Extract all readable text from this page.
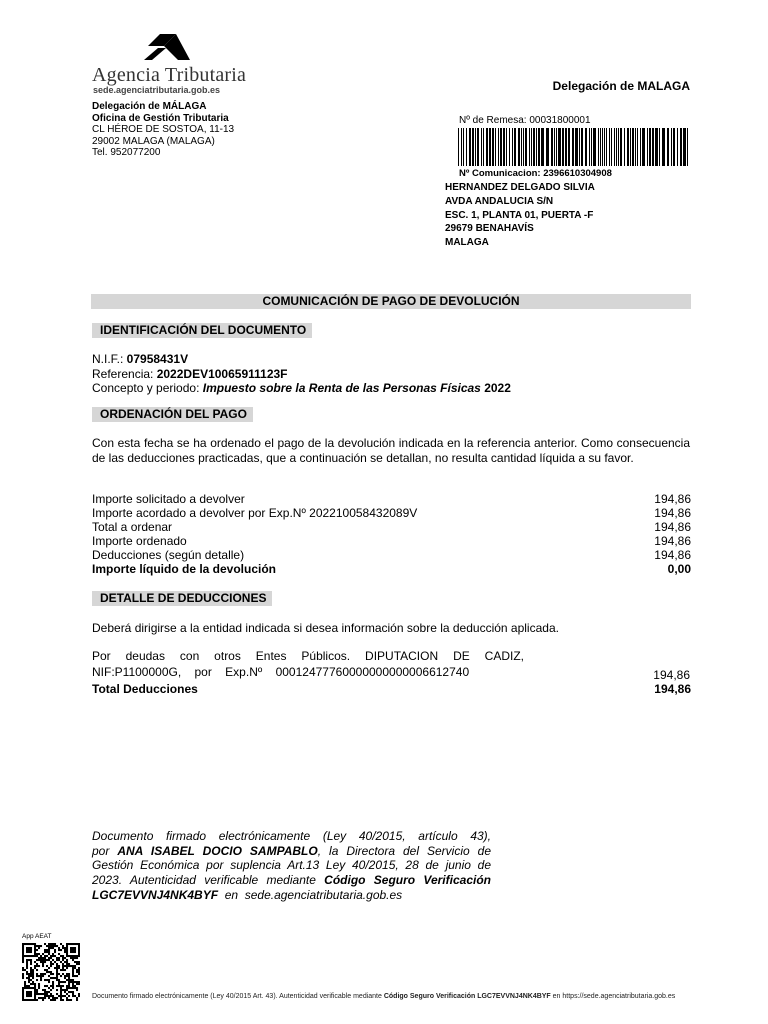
Agencia Tributaria
sede.agenciatributaria.gob.es	Delegación de MALAGA
Delegación de MÁLAGA
Oficina de Gestión Tributaria
CL HÉROE DE SOSTOA, 11-13
29002 MALAGA (MALAGA)
Tel. 952077200
Nº de Remesa: 00031800001
Nº Comunicacion: 2396610304908
HERNANDEZ DELGADO SILVIA
AVDA ANDALUCIA S/N
ESC. 1, PLANTA 01, PUERTA -F
29679 BENAHAVÍS
MALAGA
COMUNICACIÓN DE PAGO DE DEVOLUCIÓN
IDENTIFICACIÓN DEL DOCUMENTO
N.I.F.: 07958431V
Referencia: 2022DEV10065911123F
Concepto y periodo: Impuesto sobre la Renta de las Personas Físicas 2022
ORDENACIÓN DEL PAGO
Con esta fecha se ha ordenado el pago de la devolución indicada en la referencia anterior. Como consecuencia de las deducciones practicadas, que a continuación se detallan, no resulta cantidad líquida a su favor.
Importe solicitado a devolver	194,86
Importe acordado a devolver por Exp.Nº 202210058432089V	194,86
Total a ordenar	194,86
Importe ordenado	194,86
Deducciones (según detalle)	194,86
Importe líquido de la devolución	0,00
DETALLE DE DEDUCCIONES
Deberá dirigirse a la entidad indicada si desea información sobre la deducción aplicada.
Por deudas con otros Entes Públicos. DIPUTACION DE CADIZ,
NIF:P1100000G,    por    Exp.Nº    00012477760000000000006612740	194,86
Total Deducciones	194,86
Documento firmado electrónicamente (Ley 40/2015, artículo 43),
por ANA ISABEL DOCIO SAMPABLO, la Directora del Servicio de
Gestión Económica por suplencia Art.13 Ley 40/2015, 28 de junio de
2023. Autenticidad verificable mediante Código Seguro Verificación
LGC7EVVNJ4NK4BYF  en  sede.agenciatributaria.gob.es
App AEAT
Documento firmado electrónicamente (Ley 40/2015 Art. 43). Autenticidad verificable mediante Código Seguro Verificación LGC7EVVNJ4NK4BYF en https://sede.agenciatributaria.gob.es
